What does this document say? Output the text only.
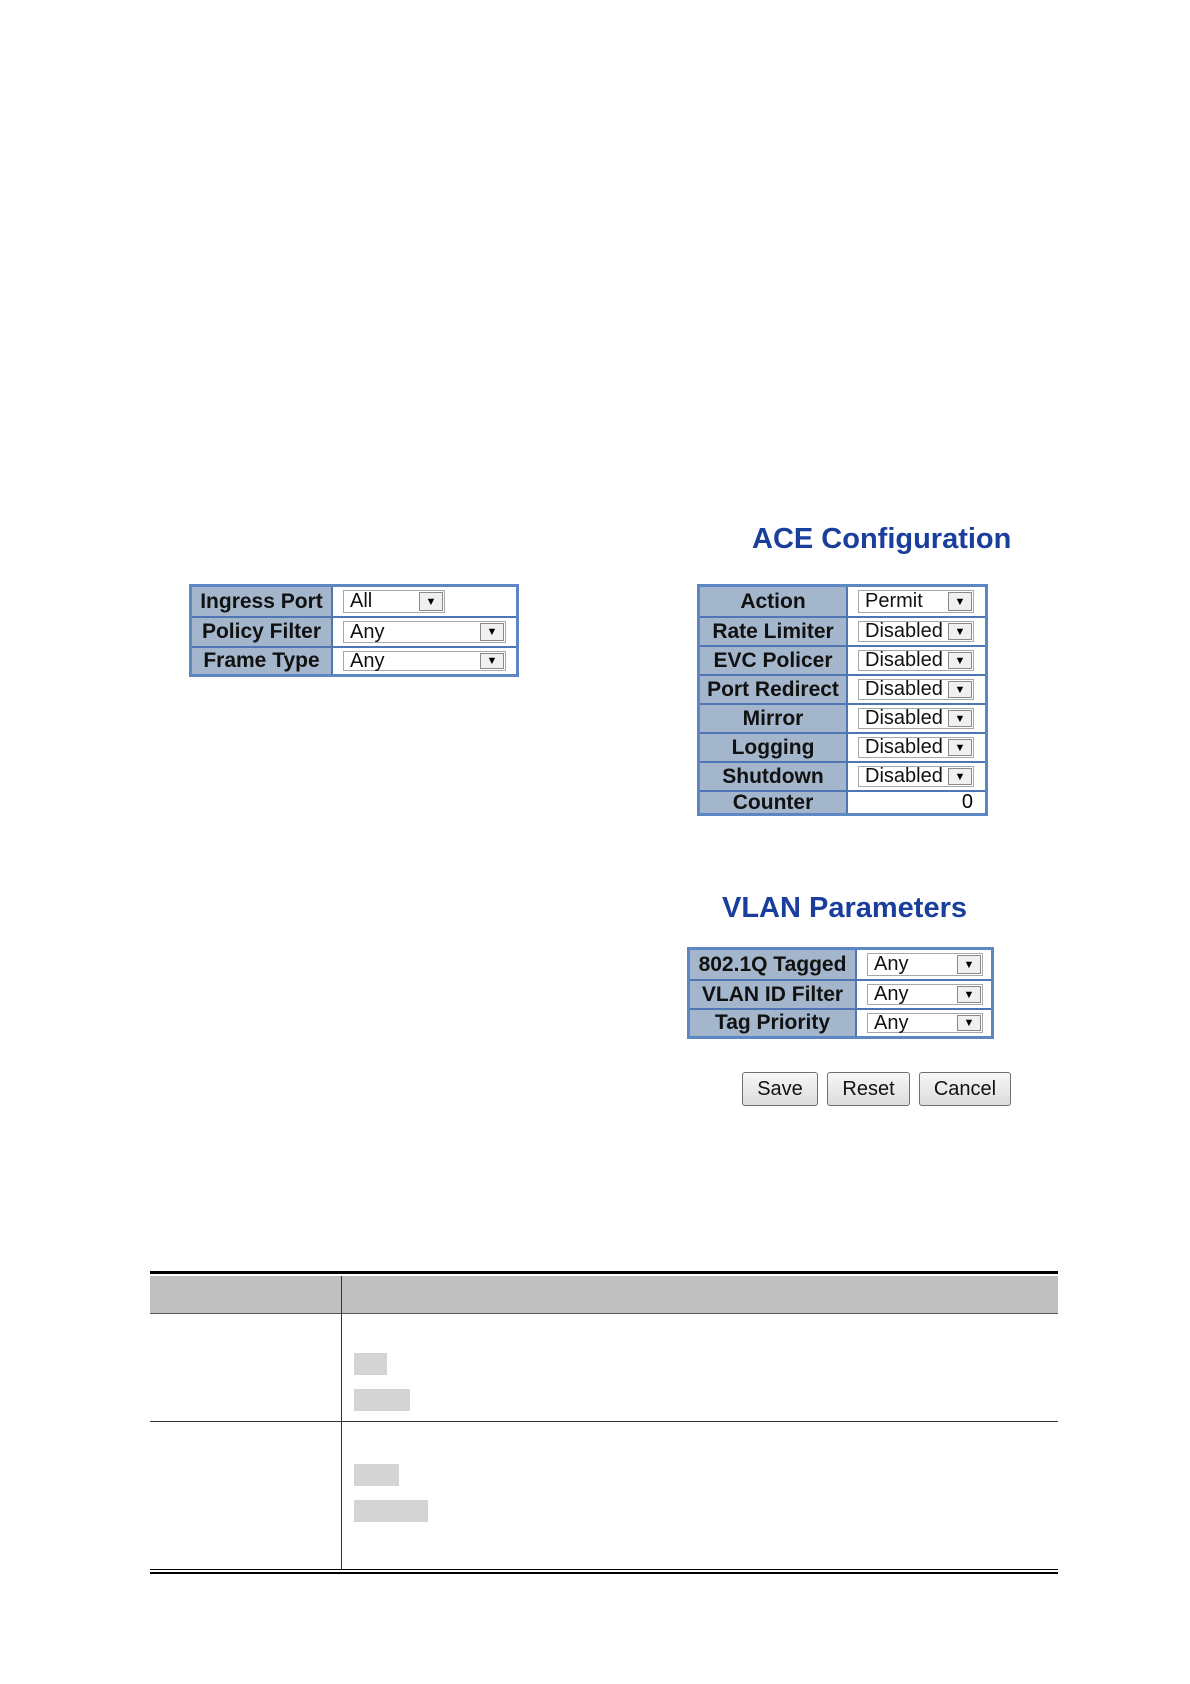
ACE Configuration
Ingress Port	All	▼
Policy Filter	Any	▼
Frame Type	Any	▼
Action	Permit	▼
Rate Limiter	Disabled	▼
EVC Policer	Disabled	▼
Port Redirect	Disabled	▼
Mirror	Disabled	▼
Logging	Disabled	▼
Shutdown	Disabled	▼
Counter	0
VLAN Parameters
802.1Q Tagged	Any	▼
VLAN ID Filter	Any	▼
Tag Priority	Any	▼
Save	Reset	Cancel
